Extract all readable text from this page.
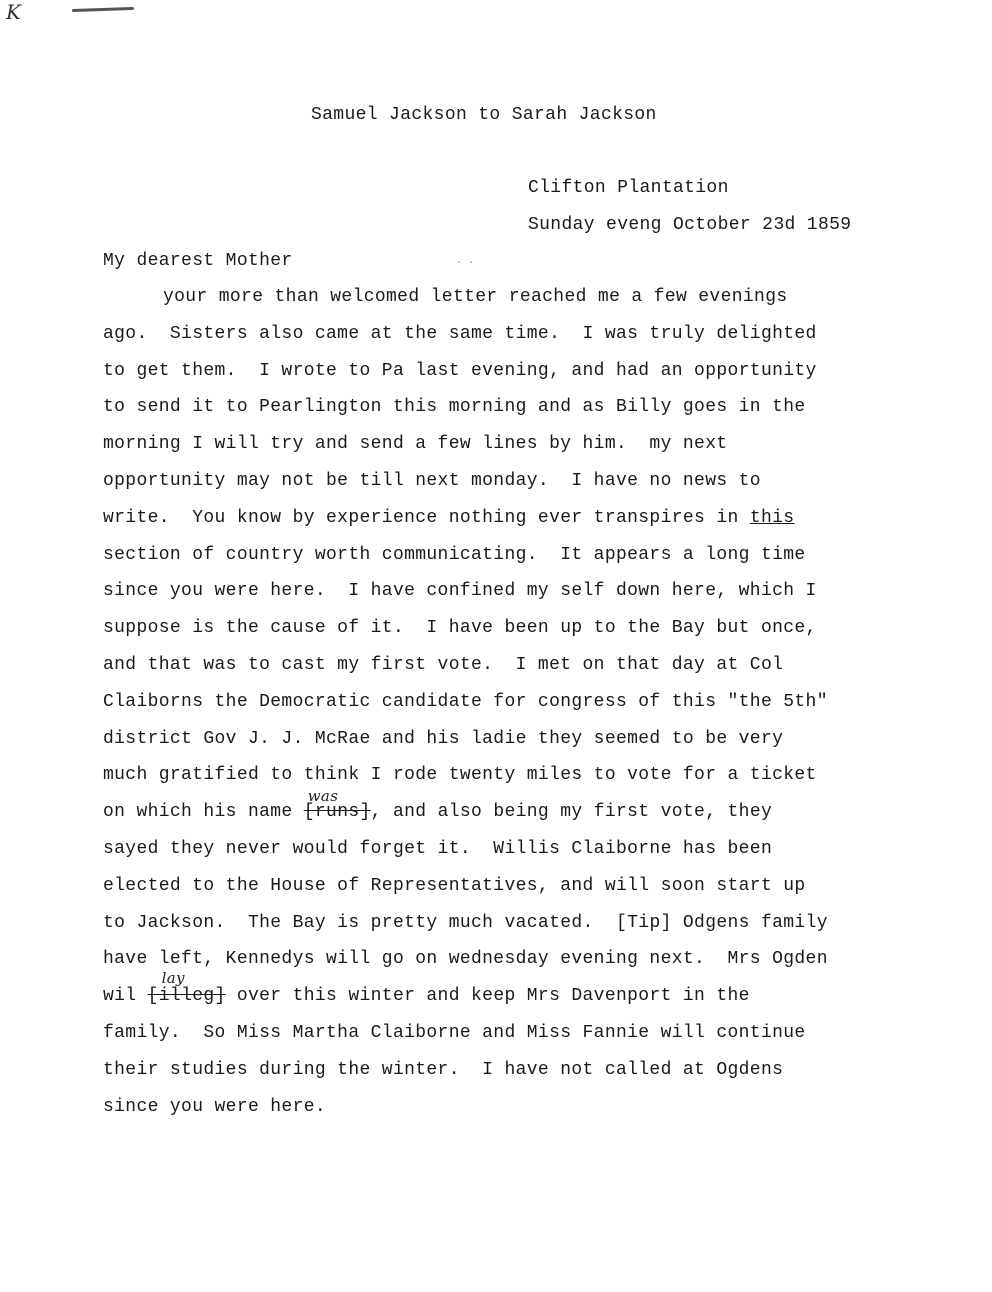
K
Samuel Jackson to Sarah Jackson
Clifton Plantation
Sunday eveng October 23d 1859
My dearest Mother	· ·
your more than welcomed letter reached me a few evenings
ago.  Sisters also came at the same time.  I was truly delighted
to get them.  I wrote to Pa last evening, and had an opportunity
to send it to Pearlington this morning and as Billy goes in the
morning I will try and send a few lines by him.  my next
opportunity may not be till next monday.  I have no news to
write.  You know by experience nothing ever transpires in this
section of country worth communicating.  It appears a long time
since you were here.  I have confined my self down here, which I
suppose is the cause of it.  I have been up to the Bay but once,
and that was to cast my first vote.  I met on that day at Col
Claiborns the Democratic candidate for congress of this "the 5th"
district Gov J. J. McRae and his ladie they seemed to be very
much gratified to think I rode twenty miles to vote for a ticket
on which his name
was
[runs], and also being my first vote, they
sayed they never would forget it.  Willis Claiborne has been
elected to the House of Representatives, and will soon start up
to Jackson.  The Bay is pretty much vacated.  [Tip] Odgens family
have left, Kennedys will go on wednesday evening next.  Mrs Ogden
wil
lay
[illeg] over this winter and keep Mrs Davenport in the
family.  So Miss Martha Claiborne and Miss Fannie will continue
their studies during the winter.  I have not called at Ogdens
since you were here.
